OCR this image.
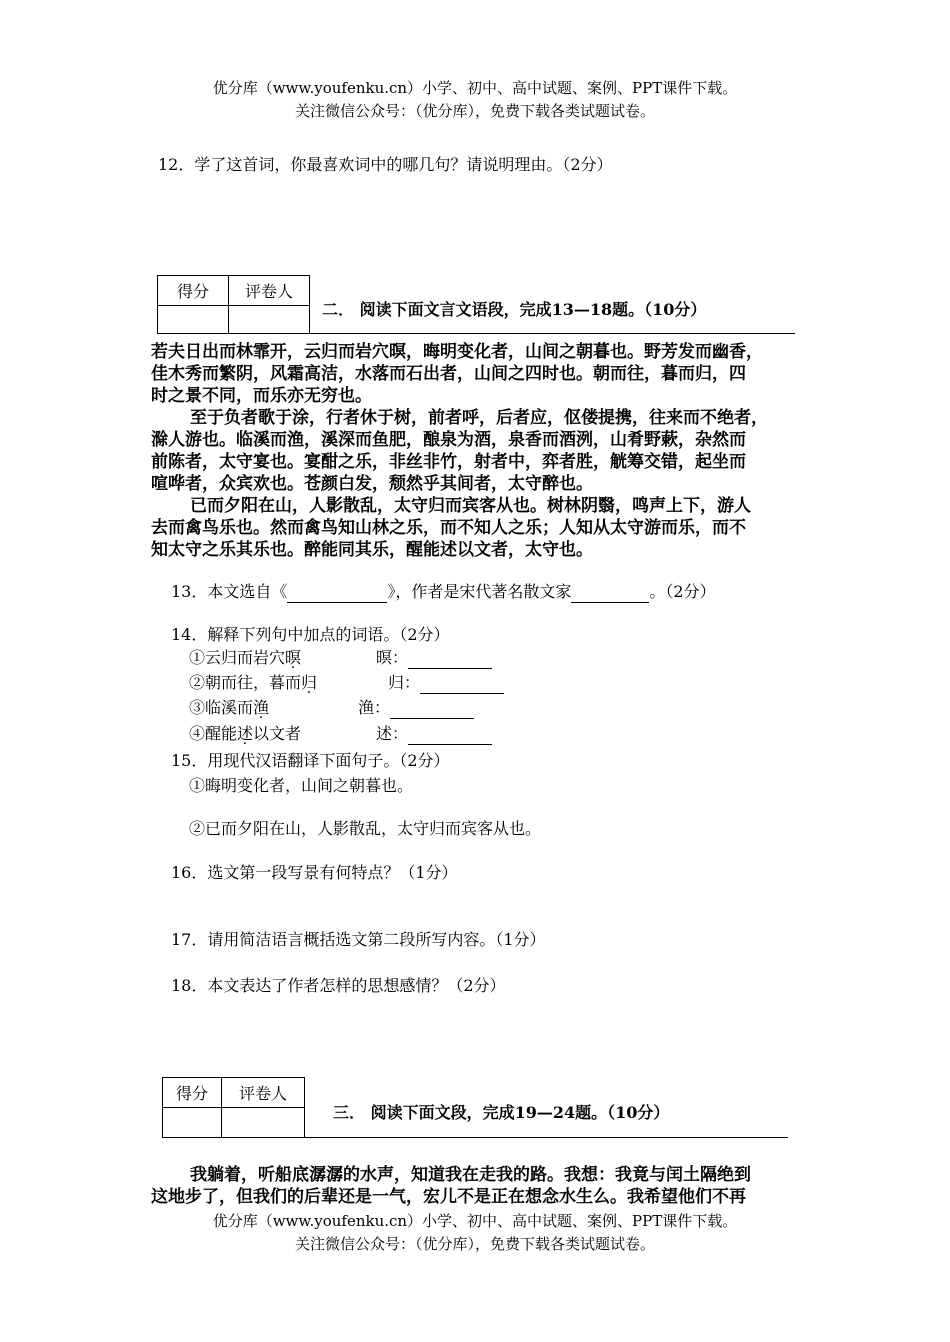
优分库（www.youfenku.cn）小学、初中、高中试题、案例、PPT课件下载。
关注微信公众号：（优分库），免费下载各类试题试卷。
12．学了这首词，你最喜欢词中的哪几句？请说明理由。（2分）
得分	评卷人

二． 阅读下面文言文语段，完成13—18题。（10分）
若夫日出而林霏开，云归而岩穴暝，晦明变化者，山间之朝暮也。野芳发而幽香，
佳木秀而繁阴，风霜高洁，水落而石出者，山间之四时也。朝而往，暮而归，四
时之景不同，而乐亦无穷也。
至于负者歌于涂，行者休于树，前者呼，后者应，伛偻提携，往来而不绝者，
滁人游也。临溪而渔，溪深而鱼肥，酿泉为酒，泉香而酒洌，山肴野蔌，杂然而
前陈者，太守宴也。宴酣之乐，非丝非竹，射者中，弈者胜，觥筹交错，起坐而
喧哗者，众宾欢也。苍颜白发，颓然乎其间者，太守醉也。
已而夕阳在山，人影散乱，太守归而宾客从也。树林阴翳，鸣声上下，游人
去而禽鸟乐也。然而禽鸟知山林之乐，而不知人之乐；人知从太守游而乐，而不
知太守之乐其乐也。醉能同其乐，醒能述以文者，太守也。
13．本文选自《	》，作者是宋代著名散文家	。（2分）
14．解释下列句中加点的词语。（2分）
①云归而岩穴暝	暝：
②朝而往，暮而归	归：
③临溪而渔	渔：
④醒能述以文者	述：
15．用现代汉语翻译下面句子。（2分）
①晦明变化者，山间之朝暮也。
②已而夕阳在山，人影散乱，太守归而宾客从也。
16．选文第一段写景有何特点？（1分）
17．请用简洁语言概括选文第二段所写内容。（1分）
18．本文表达了作者怎样的思想感情？（2分）
得分	评卷人

三． 阅读下面文段，完成19—24题。（10分）
我躺着，听船底潺潺的水声，知道我在走我的路。我想：我竟与闰土隔绝到
这地步了，但我们的后辈还是一气，宏儿不是正在想念水生么。我希望他们不再
优分库（www.youfenku.cn）小学、初中、高中试题、案例、PPT课件下载。
关注微信公众号：（优分库），免费下载各类试题试卷。
